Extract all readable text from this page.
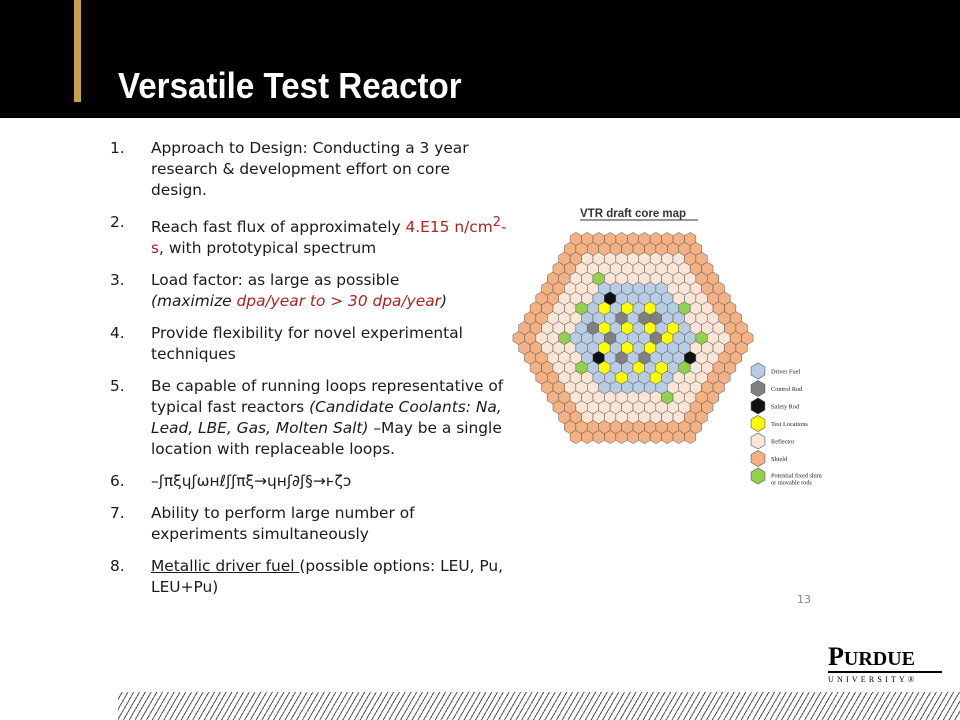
Versatile Test Reactor
1. Approach to Design: Conducting a 3 year research & development effort on core design.
2. Reach fast flux of approximately 4.E15 $n/cm^2-s$, with prototypical spectrum
3. Load factor: as large as possible
(maximize dpa/year to > 30 dpa/year)
4. Provide flexibility for novel experimental techniques
5. Be capable of running loops representative of typical fast reactors (Candidate Coolants: Na, Lead, LBE, Gas, Molten Salt) –May be a single location with replaceable loops.
6. –ʃπξɥʃωʜℓʃʃπξ→ɥʜʃ∂ʃ§→ͱζɔ
7. Ability to perform large number of experiments simultaneously
8. Metallic driver fuel (possible options: LEU, Pu, LEU+Pu)
VTR draft core map
Driver Fuel
Control Rod
Safety Rod
Test Locations
Reflector
Shield
Potential fixed shim or movable rods
13
PURDUE
UNIVERSITY®
